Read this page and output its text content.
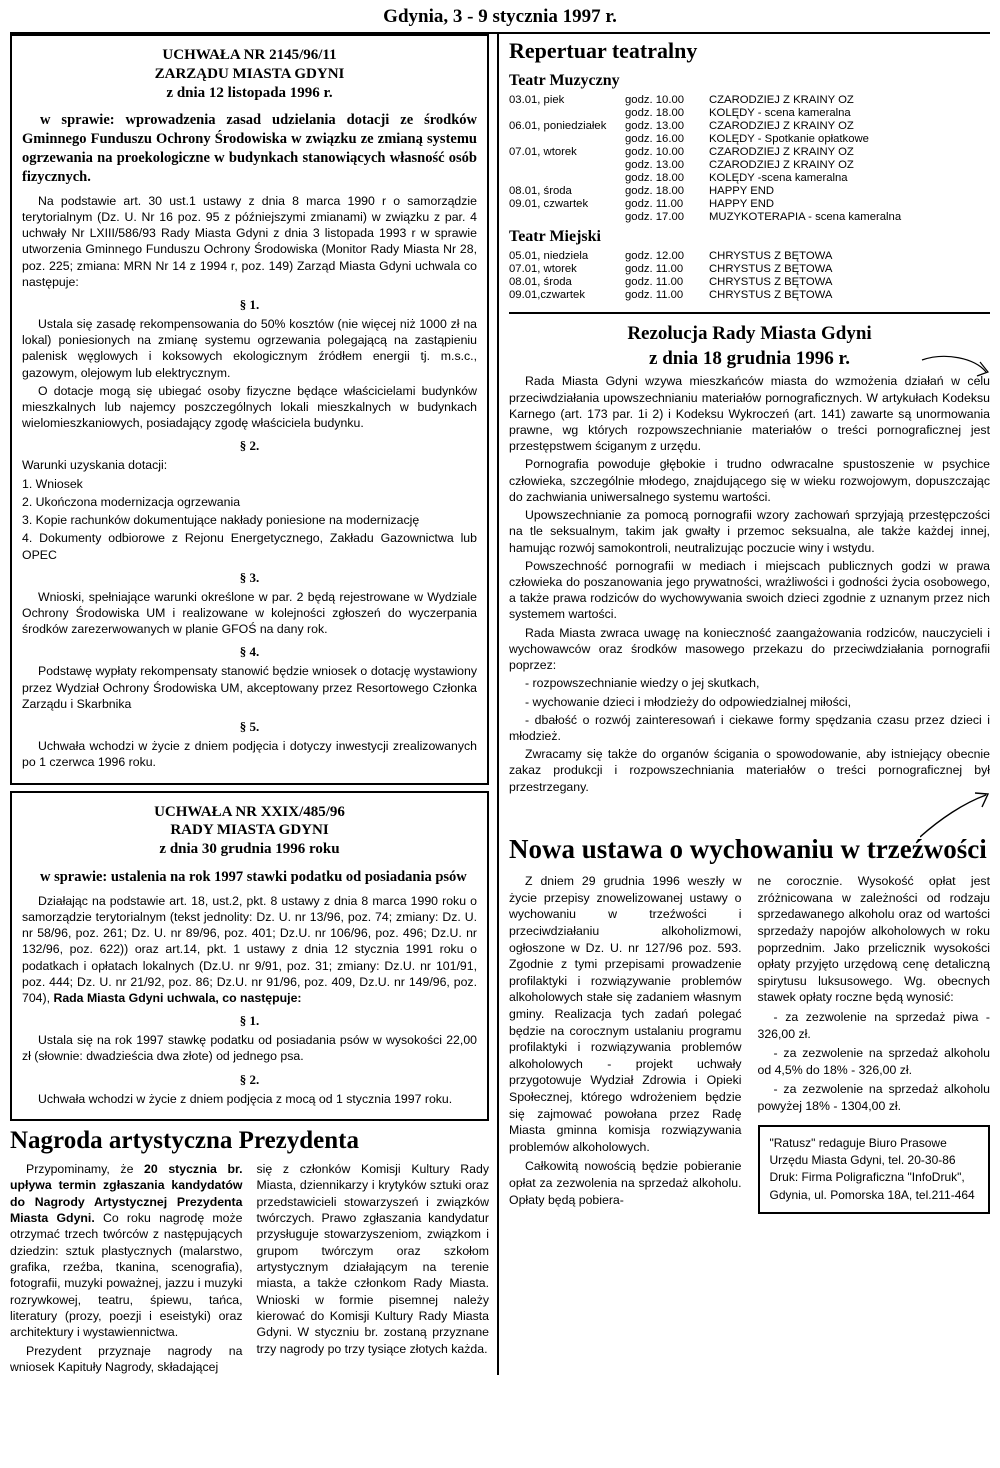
Gdynia, 3 - 9 stycznia 1997 r.
UCHWAŁA NR 2145/96/11
ZARZĄDU MIASTA GDYNI
z dnia 12 listopada 1996 r.

w sprawie: wprowadzenia zasad udzielania dotacji ze środków Gminnego Funduszu Ochrony Środowiska w związku ze zmianą systemu ogrzewania na proekologiczne w budynkach stanowiących własność osób fizycznych.

Na podstawie art. 30 ust.1 ustawy z dnia 8 marca 1990 r o samorządzie terytorialnym (Dz. U. Nr 16 poz. 95 z późniejszymi zmianami) w związku z par. 4 uchwały Nr LXIII/586/93 Rady Miasta Gdyni z dnia 3 listopada 1993 r w sprawie utworzenia Gminnego Funduszu Ochrony Środowiska (Monitor Rady Miasta Nr 28, poz. 225; zmiana: MRN Nr 14 z 1994 r, poz. 149) Zarząd Miasta Gdyni uchwala co następuje:

§ 1.

Ustala się zasadę rekompensowania do 50% kosztów (nie więcej niż 1000 zł na lokal) poniesionych na zmianę systemu ogrzewania polegającą na zastąpieniu palenisk węglowych i koksowych ekologicznym źródłem energii tj. m.s.c., gazowym, olejowym lub elektrycznym.

O dotacje mogą się ubiegać osoby fizyczne będące właścicielami budynków mieszkalnych lub najemcy poszczególnych lokali mieszkalnych w budynkach wielomieszkaniowych, posiadający zgodę właściciela budynku.

§ 2.

Warunki uzyskania dotacji:

1. Wniosek

2. Ukończona modernizacja ogrzewania

3. Kopie rachunków dokumentujące nakłady poniesione na modernizację

4. Dokumenty odbiorowe z Rejonu Energetycznego, Zakładu Gazownictwa lub OPEC

§ 3.

Wnioski, spełniające warunki określone w par. 2 będą rejestrowane w Wydziale Ochrony Środowiska UM i realizowane w kolejności zgłoszeń do wyczerpania środków zarezerwowanych w planie GFOŚ na dany rok.

§ 4.

Podstawę wypłaty rekompensaty stanowić będzie wniosek o dotację wystawiony przez Wydział Ochrony Środowiska UM, akceptowany przez Resortowego Członka Zarządu i Skarbnika

§ 5.

Uchwała wchodzi w życie z dniem podjęcia i dotyczy inwestycji zrealizowanych po 1 czerwca 1996 roku.

UCHWAŁA NR XXIX/485/96
RADY MIASTA GDYNI
z dnia 30 grudnia 1996 roku

w sprawie: ustalenia na rok 1997 stawki podatku od posiadania psów

Działając na podstawie art. 18, ust.2, pkt. 8 ustawy z dnia 8 marca 1990 roku o samorządzie terytorialnym (tekst jednolity: Dz. U. nr 13/96, poz. 74; zmiany: Dz. U. nr 58/96, poz. 261; Dz. U. nr 89/96, poz. 401; Dz.U. nr 106/96, poz. 496; Dz.U. nr 132/96, poz. 622)) oraz art.14, pkt. 1 ustawy z dnia 12 stycznia 1991 roku o podatkach i opłatach lokalnych (Dz.U. nr 9/91, poz. 31; zmiany: Dz.U. nr 101/91, poz. 444; Dz. U. nr 21/92, poz. 86; Dz.U. nr 91/96, poz. 409, Dz.U. nr 149/96, poz. 704), Rada Miasta Gdyni uchwala, co następuje:

§ 1.

Ustala się na rok 1997 stawkę podatku od posiadania psów w wysokości 22,00 zł (słownie: dwadzieścia dwa złote) od jednego psa.

§ 2.

Uchwała wchodzi w życie z dniem podjęcia z mocą od 1 stycznia 1997 roku.

Nagroda artystyczna Prezydenta

Przypominamy, że 20 stycznia br. upływa termin zgłaszania kandydatów do Nagrody Artystycznej Prezydenta Miasta Gdyni. Co roku nagrodę może otrzymać trzech twórców z następujących dziedzin: sztuk plastycznych (malarstwo, grafika, rzeźba, tkanina, scenografia), fotografii, muzyki poważnej, jazzu i muzyki rozrywkowej, teatru, śpiewu, tańca, literatury (prozy, poezji i eseistyki) oraz architektury i wystawiennictwa.

Prezydent przyznaje nagrody na wniosek Kapituły Nagrody, składającej

się z członków Komisji Kultury Rady Miasta, dziennikarzy i krytyków sztuki oraz przedstawicieli stowarzyszeń i związków twórczych. Prawo zgłaszania kandydatur przysługuje stowarzyszeniom, związkom i grupom twórczym oraz szkołom artystycznym działającym na terenie miasta, a także członkom Rady Miasta. Wnioski w formie pisemnej należy kierować do Komisji Kultury Rady Miasta Gdyni. W styczniu br. zostaną przyznane trzy nagrody po trzy tysiące złotych każda.

Repertuar teatralny
Teatr Muzyczny
03.01, piek	godz. 10.00	CZARODZIEJ Z KRAINY OZ
	godz. 18.00	KOLĘDY - scena kameralna
06.01, poniedziałek	godz. 13.00	CZARODZIEJ Z KRAINY OZ
	godz. 16.00	KOLĘDY - Spotkanie opłatkowe
07.01, wtorek	godz. 10.00	CZARODZIEJ Z KRAINY OZ
	godz. 13.00	CZARODZIEJ Z KRAINY OZ
	godz. 18.00	KOLĘDY -scena kameralna
08.01, środa	godz. 18.00	HAPPY END
09.01, czwartek	godz. 11.00	HAPPY END
	godz. 17.00	MUZYKOTERAPIA - scena kameralna
Teatr Miejski
05.01, niedziela	godz. 12.00	CHRYSTUS Z BĘTOWA
07.01, wtorek	godz. 11.00	CHRYSTUS Z BĘTOWA
08.01, środa	godz. 11.00	CHRYSTUS Z BĘTOWA
09.01,czwartek	godz. 11.00	CHRYSTUS Z BĘTOWA
Rezolucja Rady Miasta Gdyni
z dnia 18 grudnia 1996 r.

Rada Miasta Gdyni wzywa mieszkańców miasta do wzmożenia działań w celu przeciwdziałania upowszechnianiu materiałów pornograficznych. W artykułach Kodeksu Karnego (art. 173 par. 1i 2) i Kodeksu Wykroczeń (art. 141) zawarte są unormowania prawne, wg których rozpowszechnianie materiałów o treści pornograficznej jest przestępstwem ściganym z urzędu.

Pornografia powoduje głębokie i trudno odwracalne spustoszenie w psychice człowieka, szczególnie młodego, znajdującego się w wieku rozwojowym, dopuszczając do zachwiania uniwersalnego systemu wartości.

Upowszechnianie za pomocą pornografii wzory zachowań sprzyjają przestępczości na tle seksualnym, takim jak gwałty i przemoc seksualna, ale także każdej innej, hamując rozwój samokontroli, neutralizując poczucie winy i wstydu.

Powszechność pornografii w mediach i miejscach publicznych godzi w prawa człowieka do poszanowania jego prywatności, wrażliwości i godności życia osobowego, a także prawa rodziców do wychowywania swoich dzieci zgodnie z uznanym przez nich systemem wartości.

Rada Miasta zwraca uwagę na konieczność zaangażowania rodziców, nauczycieli i wychowawców oraz środków masowego przekazu do przeciwdziałania pornografii poprzez:

- rozpowszechnianie wiedzy o jej skutkach,

- wychowanie dzieci i młodzieży do odpowiedzialnej miłości,

- dbałość o rozwój zainteresowań i ciekawe formy spędzania czasu przez dzieci i młodzież.

Zwracamy się także do organów ścigania o spowodowanie, aby istniejący obecnie zakaz produkcji i rozpowszechniania materiałów o treści pornograficznej był przestrzegany.

Nowa ustawa o wychowaniu w trzeźwości

Z dniem 29 grudnia 1996 weszły w życie przepisy znowelizowanej ustawy o wychowaniu w trzeźwości i przeciwdziałaniu alkoholizmowi, ogłoszone w Dz. U. nr 127/96 poz. 593. Zgodnie z tymi przepisami prowadzenie profilaktyki i rozwiązywanie problemów alkoholowych stałe się zadaniem własnym gminy. Realizacja tych zadań polegać będzie na corocznym ustalaniu programu profilaktyki i rozwiązywania problemów alkoholowych - projekt uchwały przygotowuje Wydział Zdrowia i Opieki Społecznej, którego wdrożeniem będzie się zajmować powołana przez Radę Miasta gminna komisja rozwiązywania problemów alkoholowych.

Całkowitą nowością będzie pobieranie opłat za zezwolenia na sprzedaż alkoholu. Opłaty będą pobiera-

ne corocznie. Wysokość opłat jest zróżnicowana w zależności od rodzaju sprzedawanego alkoholu oraz od wartości sprzedaży napojów alkoholowych w roku poprzednim. Jako przelicznik wysokości opłaty przyjęto urzędową cenę detaliczną spirytusu luksusowego. Wg. obecnych stawek opłaty roczne będą wynosić:

- za zezwolenie na sprzedaż piwa - 326,00 zł.

- za zezwolenie na sprzedaż alkoholu od 4,5% do 18% - 326,00 zł.

- za zezwolenie na sprzedaż alkoholu powyżej 18% - 1304,00 zł.

"Ratusz" redaguje Biuro Prasowe
Urzędu Miasta Gdyni, tel. 20-30-86
Druk: Firma Poligraficzna "InfoDruk",
Gdynia, ul. Pomorska 18A, tel.211-464
